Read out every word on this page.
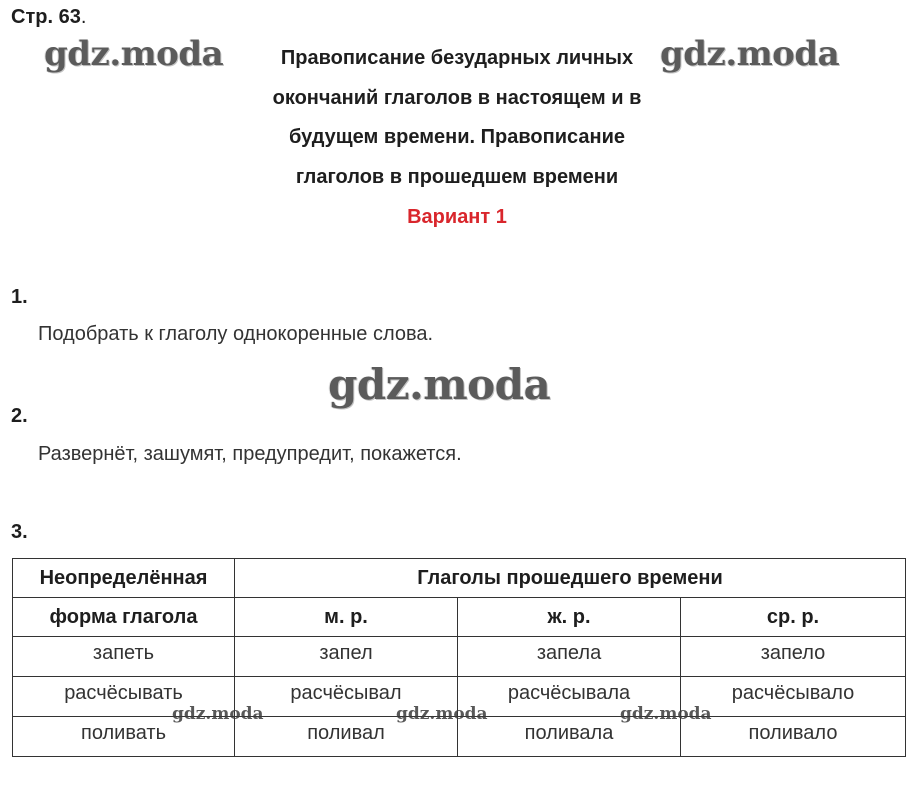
Стр. 63.
gdz.moda	gdz.moda
gdz.moda
Правописание безударных личных
окончаний глаголов в настоящем и в
будущем времени. Правописание
глаголов в прошедшем времени
Вариант 1
1.
Подобрать к глаголу однокоренные слова.
2.
Развернёт, зашумят, предупредит, покажется.
3.
Неопределённая	Глаголы прошедшего времени		
форма глагола	м. р.	ж. р.	ср. р.
запеть	запел	запела	запело
расчёсывать	расчёсывал	расчёсывала	расчёсывало
поливать	поливал	поливала	поливало
gdz.moda	gdz.moda	gdz.moda
